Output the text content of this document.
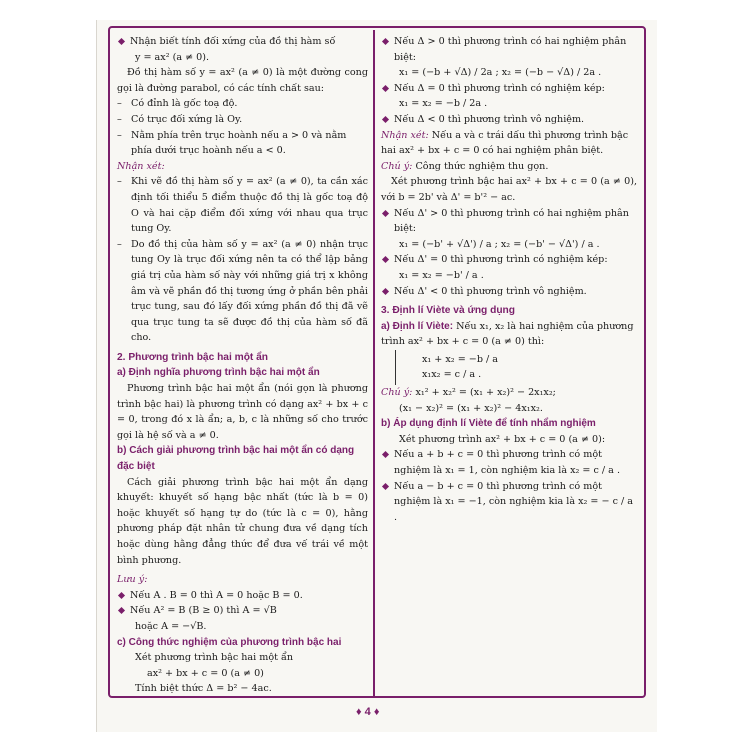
Nhận biết tính đối xứng của đồ thị hàm số

y = ax² (a ≠ 0).

Đồ thị hàm số y = ax² (a ≠ 0) là một đường cong gọi là đường parabol, có các tính chất sau:

– Có đỉnh là gốc toạ độ.

– Có trục đối xứng là Oy.

– Nằm phía trên trục hoành nếu a > 0 và nằm phía dưới trục hoành nếu a < 0.

Nhận xét:

– Khi vẽ đồ thị hàm số y = ax² (a ≠ 0), ta cần xác định tối thiểu 5 điểm thuộc đồ thị là gốc toạ độ O và hai cặp điểm đối xứng với nhau qua trục tung Oy.

– Do đồ thị của hàm số y = ax² (a ≠ 0) nhận trục tung Oy là trục đối xứng nên ta có thể lập bảng giá trị của hàm số này với những giá trị x không âm và vẽ phần đồ thị tương ứng ở phần bên phải trục tung, sau đó lấy đối xứng phần đồ thị đã vẽ qua trục tung ta sẽ được đồ thị của hàm số đã cho.

2. Phương trình bậc hai một ẩn

a) Định nghĩa phương trình bậc hai một ẩn

Phương trình bậc hai một ẩn (nói gọn là phương trình bậc hai) là phương trình có dạng ax² + bx + c = 0, trong đó x là ẩn; a, b, c là những số cho trước gọi là hệ số và a ≠ 0.

b) Cách giải phương trình bậc hai một ẩn có dạng đặc biệt

Cách giải phương trình bậc hai một ẩn dạng khuyết: khuyết số hạng bậc nhất (tức là b = 0) hoặc khuyết số hạng tự do (tức là c = 0), hằng phương pháp đặt nhân tử chung đưa về dạng tích hoặc dùng hằng đẳng thức để đưa vế trái về một bình phương.

Lưu ý:

Nếu A . B = 0 thì A = 0 hoặc B = 0.

Nếu A² = B (B ≥ 0) thì A = √B

hoặc A = −√B.

c) Công thức nghiệm của phương trình bậc hai

Xét phương trình bậc hai một ẩn

ax² + bx + c = 0 (a ≠ 0)

Tính biệt thức Δ = b² − 4ac.

Nếu Δ > 0 thì phương trình có hai nghiệm phân biệt:

x₁ = (−b + √Δ) / 2a ; x₂ = (−b − √Δ) / 2a .

Nếu Δ = 0 thì phương trình có nghiệm kép:

x₁ = x₂ = −b / 2a .

Nếu Δ < 0 thì phương trình vô nghiệm.

Nhận xét: Nếu a và c trái dấu thì phương trình bậc hai ax² + bx + c = 0 có hai nghiệm phân biệt.

Chú ý: Công thức nghiệm thu gọn.

Xét phương trình bậc hai ax² + bx + c = 0 (a ≠ 0), với b = 2b' và Δ' = b'² − ac.

Nếu Δ' > 0 thì phương trình có hai nghiệm phân biệt:

x₁ = (−b' + √Δ') / a ; x₂ = (−b' − √Δ') / a .

Nếu Δ' = 0 thì phương trình có nghiệm kép:

x₁ = x₂ = −b' / a .

Nếu Δ' < 0 thì phương trình vô nghiệm.

3. Định lí Viète và ứng dụng

a) Định lí Viète: Nếu x₁, x₂ là hai nghiệm của phương trình ax² + bx + c = 0 (a ≠ 0) thì:

x₁ + x₂ = −b / a

x₁x₂ = c / a .

Chú ý: x₁² + x₂² = (x₁ + x₂)² − 2x₁x₂;

(x₁ − x₂)² = (x₁ + x₂)² − 4x₁x₂.

b) Áp dụng định lí Viète để tính nhẩm nghiệm

Xét phương trình ax² + bx + c = 0 (a ≠ 0):

Nếu a + b + c = 0 thì phương trình có một nghiệm là x₁ = 1, còn nghiệm kia là x₂ = c / a .

Nếu a − b + c = 0 thì phương trình có một nghiệm là x₁ = −1, còn nghiệm kia là x₂ = − c / a .

♦ 4 ♦
